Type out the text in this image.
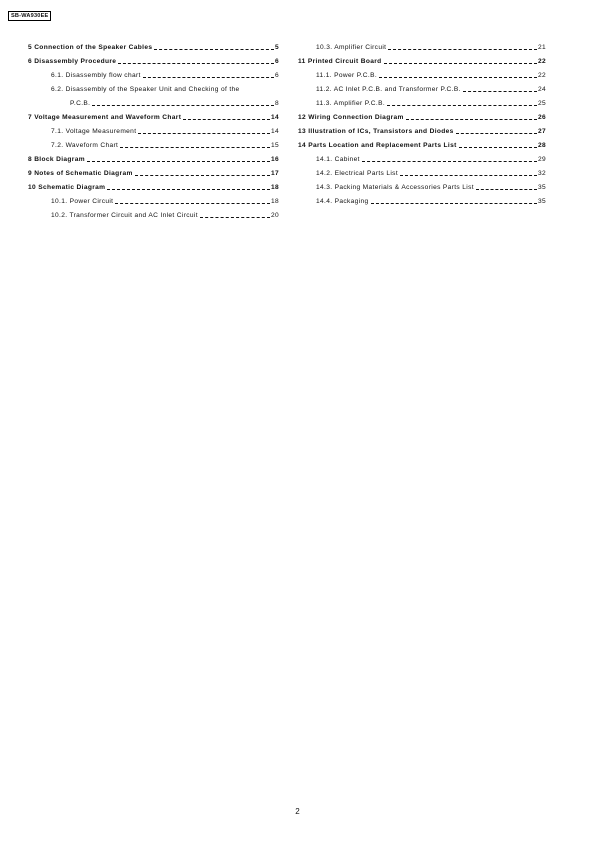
SB-WA930EE
5 Connection of the Speaker Cables	5
6 Disassembly Procedure	6
6.1. Disassembly flow chart	6
6.2. Disassembly of the Speaker Unit and Checking of the
P.C.B.	8
7 Voltage Measurement and Waveform Chart	14
7.1. Voltage Measurement	14
7.2. Waveform Chart	15
8 Block Diagram	16
9 Notes of Schematic Diagram	17
10 Schematic Diagram	18
10.1. Power Circuit	18
10.2. Transformer Circuit and AC Inlet Circuit	20
10.3. Amplifier Circuit	21
11 Printed Circuit Board	22
11.1. Power P.C.B.	22
11.2. AC Inlet P.C.B. and Transformer P.C.B.	24
11.3. Amplifier P.C.B.	25
12 Wiring Connection Diagram	26
13 Illustration of ICs, Transistors and Diodes	27
14 Parts Location and Replacement Parts List	28
14.1. Cabinet	29
14.2. Electrical Parts List	32
14.3. Packing Materials & Accessories Parts List	35
14.4. Packaging	35
2
